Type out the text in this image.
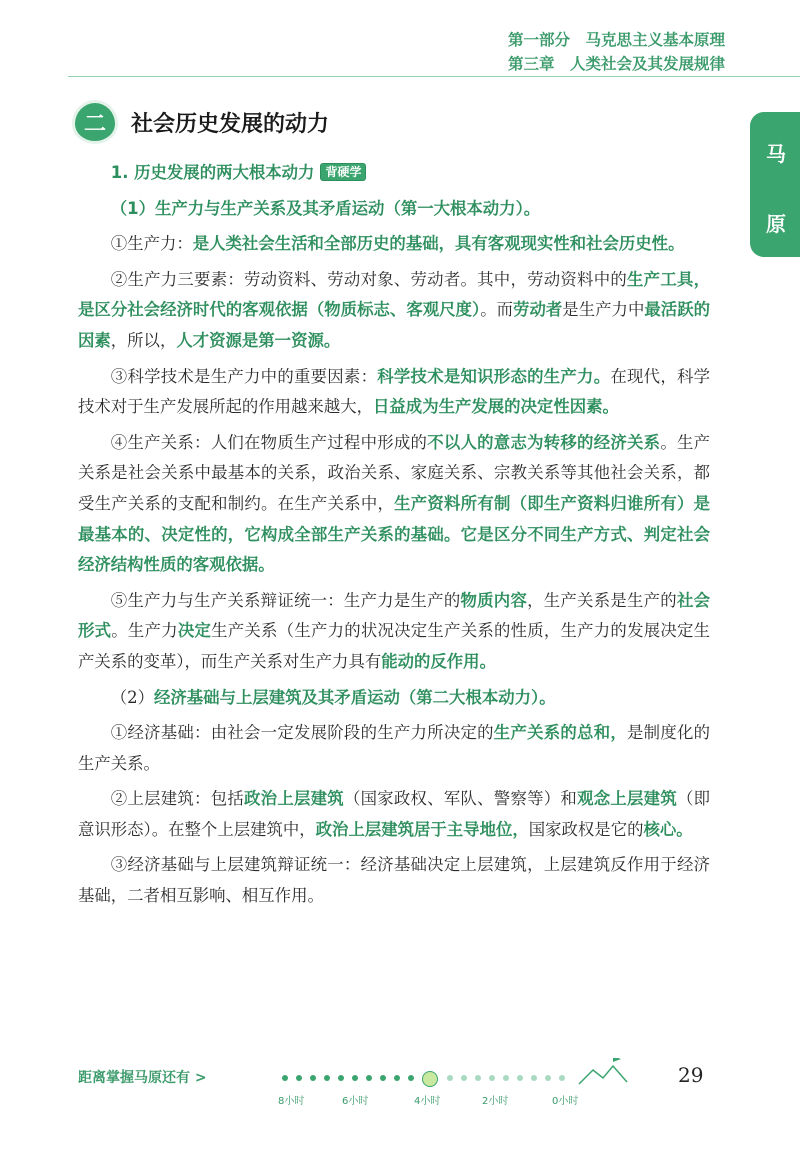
第一部分　马克思主义基本原理
第三章　人类社会及其发展规律
马
原
二	社会历史发展的动力

1. 历史发展的两大根本动力 背硬学

（1）生产力与生产关系及其矛盾运动（第一大根本动力）。

①生产力：是人类社会生活和全部历史的基础，具有客观现实性和社会历史性。

②生产力三要素：劳动资料、劳动对象、劳动者。其中，劳动资料中的生产工具，是区分社会经济时代的客观依据（物质标志、客观尺度）。而劳动者是生产力中最活跃的因素，所以，人才资源是第一资源。

③科学技术是生产力中的重要因素：科学技术是知识形态的生产力。在现代，科学技术对于生产发展所起的作用越来越大，日益成为生产发展的决定性因素。

④生产关系：人们在物质生产过程中形成的不以人的意志为转移的经济关系。生产关系是社会关系中最基本的关系，政治关系、家庭关系、宗教关系等其他社会关系，都受生产关系的支配和制约。在生产关系中，生产资料所有制（即生产资料归谁所有）是最基本的、决定性的，它构成全部生产关系的基础。它是区分不同生产方式、判定社会经济结构性质的客观依据。

⑤生产力与生产关系辩证统一：生产力是生产的物质内容，生产关系是生产的社会形式。生产力决定生产关系（生产力的状况决定生产关系的性质，生产力的发展决定生产关系的变革），而生产关系对生产力具有能动的反作用。

（2）经济基础与上层建筑及其矛盾运动（第二大根本动力）。

①经济基础：由社会一定发展阶段的生产力所决定的生产关系的总和，是制度化的生产关系。

②上层建筑：包括政治上层建筑（国家政权、军队、警察等）和观念上层建筑（即意识形态）。在整个上层建筑中，政治上层建筑居于主导地位，国家政权是它的核心。

③经济基础与上层建筑辩证统一：经济基础决定上层建筑，上层建筑反作用于经济基础，二者相互影响、相互作用。

距离掌握马原还有 >
8小时	6小时	4小时	2小时	0小时
29
